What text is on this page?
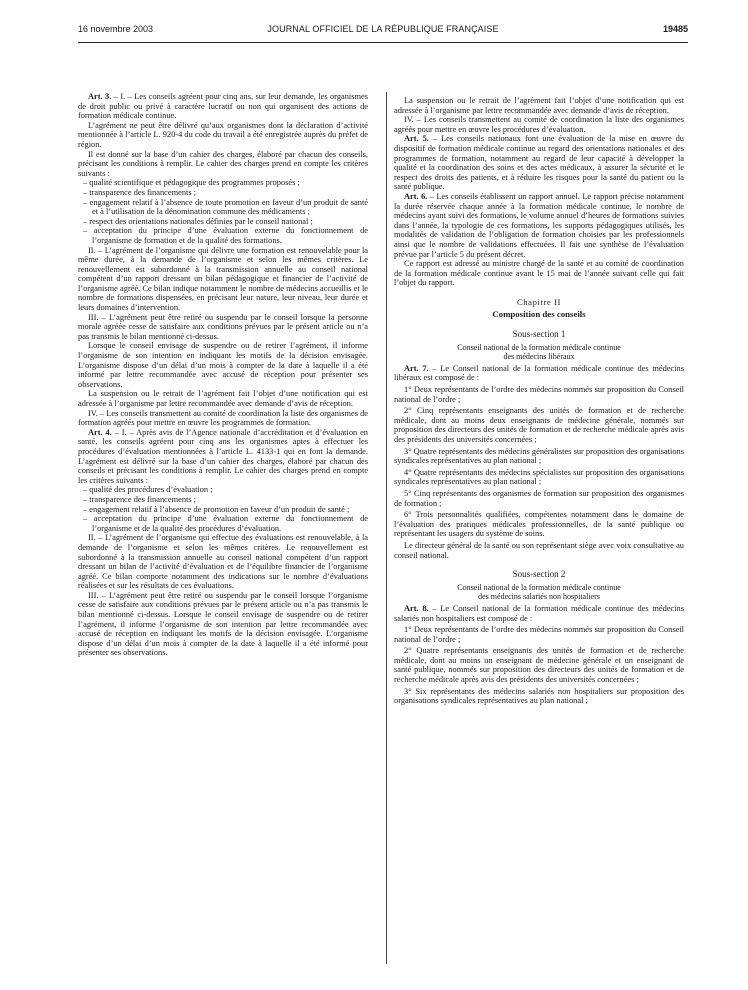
16 novembre 2003	JOURNAL OFFICIEL DE LA RÉPUBLIQUE FRANÇAISE	19485

Art. 3. – I. – Les conseils agréent pour cinq ans, sur leur demande, les organismes de droit public ou privé à caractère lucratif ou non qui organisent des actions de formation médicale continue.

L’agrément ne peut être délivré qu’aux organismes dont la déclaration d’activité mentionnée à l’article L. 920-4 du code du travail a été enregistrée auprès du préfet de région.

Il est donné sur la base d’un cahier des charges, élaboré par chacun des conseils, précisant les conditions à remplir. Le cahier des charges prend en compte les critères suivants :

– qualité scientifique et pédagogique des programmes proposés ;
– transparence des financements ;
– engagement relatif à l’absence de toute promotion en faveur d’un produit de santé et à l’utilisation de la dénomination commune des médicaments ;
– respect des orientations nationales définies par le conseil national ;
– acceptation du principe d’une évaluation externe du fonctionnement de l’organisme de formation et de la qualité des formations.

II. – L’agrément de l’organisme qui délivre une formation est renouvelable pour la même durée, à la demande de l’organisme et selon les mêmes critères. Le renouvellement est subordonné à la transmission annuelle au conseil national compétent d’un rapport dressant un bilan pédagogique et financier de l’activité de l’organisme agréé. Ce bilan indique notamment le nombre de médecins accueillis et le nombre de formations dispensées, en précisant leur nature, leur niveau, leur durée et leurs domaines d’intervention.

III. – L’agrément peut être retiré ou suspendu par le conseil lorsque la personne morale agréée cesse de satisfaire aux conditions prévues par le présent article ou n’a pas transmis le bilan mentionné ci-dessus.

Lorsque le conseil envisage de suspendre ou de retirer l’agrément, il informe l’organisme de son intention en indiquant les motifs de la décision envisagée. L’organisme dispose d’un délai d’un mois à compter de la date à laquelle il a été informé par lettre recommandée avec accusé de réception pour présenter ses observations.

La suspension ou le retrait de l’agrément fait l’objet d’une notification qui est adressée à l’organisme par lettre recommandée avec demande d’avis de réception.

IV. – Les conseils transmettent au comité de coordination la liste des organismes de formation agréés pour mettre en œuvre les programmes de formation.

Art. 4. – I. – Après avis de l’Agence nationale d’accréditation et d’évaluation en santé, les conseils agréent pour cinq ans les organismes aptes à effectuer les procédures d’évaluation mentionnées à l’article L. 4133-1 qui en font la demande. L’agrément est délivré sur la base d’un cahier des charges, élaboré par chacun des conseils et précisant les conditions à remplir. Le cahier des charges prend en compte les critères suivants :

– qualité des procédures d’évaluation ;
– transparence des financements ;
– engagement relatif à l’absence de promotion en faveur d’un produit de santé ;
– acceptation du principe d’une évaluation externe du fonctionnement de l’organisme et de la qualité des procédures d’évaluation.

II. – L’agrément de l’organisme qui effectue des évaluations est renouvelable, à la demande de l’organisme et selon les mêmes critères. Le renouvellement est subordonné à la transmission annuelle au conseil national compétent d’un rapport dressant un bilan de l’activité d’évaluation et de l’équilibre financier de l’organisme agréé. Ce bilan comporte notamment des indications sur le nombre d’évaluations réalisées et sur les résultats de ces évaluations.

III. – L’agrément peut être retiré ou suspendu par le conseil lorsque l’organisme cesse de satisfaire aux conditions prévues par le présent article ou n’a pas transmis le bilan mentionné ci-dessus. Lorsque le conseil envisage de suspendre ou de retirer l’agrément, il informe l’organisme de son intention par lettre recommandée avec accusé de réception en indiquant les motifs de la décision envisagée. L’organisme dispose d’un délai d’un mois à compter de la date à laquelle il a été informé pour présenter ses observations.

La suspension ou le retrait de l’agrément fait l’objet d’une notification qui est adressée à l’organisme par lettre recommandée avec demande d’avis de réception.

IV. – Les conseils transmettent au comité de coordination la liste des organismes agréés pour mettre en œuvre les procédures d’évaluation.

Art. 5. – Les conseils nationaux font une évaluation de la mise en œuvre du dispositif de formation médicale continue au regard des orientations nationales et des programmes de formation, notamment au regard de leur capacité à développer la qualité et la coordination des soins et des actes médicaux, à assurer la sécurité et le respect des droits des patients, et à réduire les risques pour la santé du patient ou la santé publique.

Art. 6. – Les conseils établissent un rapport annuel. Le rapport précise notamment la durée réservée chaque année à la formation médicale continue, le nombre de médecins ayant suivi des formations, le volume annuel d’heures de formations suivies dans l’année, la typologie de ces formations, les supports pédagogiques utilisés, les modalités de validation de l’obligation de formation choisies par les professionnels ainsi que le nombre de validations effectuées. Il fait une synthèse de l’évaluation prévue par l’article 5 du présent décret.

Ce rapport est adressé au ministre chargé de la santé et au comité de coordination de la formation médicale continue avant le 15 mai de l’année suivant celle qui fait l’objet du rapport.

Chapitre II
Composition des conseils
Sous-section 1
Conseil national de la formation médicale continue
des médecins libéraux

Art. 7. – Le Conseil national de la formation médicale continue des médecins libéraux est composé de :

1° Deux représentants de l’ordre des médecins nommés sur proposition du Conseil national de l’ordre ;

2° Cinq représentants enseignants des unités de formation et de recherche médicale, dont au moins deux enseignants de médecine générale, nommés sur proposition des directeurs des unités de formation et de recherche médicale après avis des présidents des universités concernées ;

3° Quatre représentants des médecins généralistes sur proposition des organisations syndicales représentatives au plan national ;

4° Quatre représentants des médecins spécialistes sur proposition des organisations syndicales représentatives au plan national ;

5° Cinq représentants des organismes de formation sur proposition des organismes de formation ;

6° Trois personnalités qualifiées, compétentes notamment dans le domaine de l’évaluation des pratiques médicales professionnelles, de la santé publique ou représentant les usagers du système de soins.

Le directeur général de la santé ou son représentant siège avec voix consultative au conseil national.

Sous-section 2
Conseil national de la formation médicale continue
des médecins salariés non hospitaliers

Art. 8. – Le Conseil national de la formation médicale continue des médecins salariés non hospitaliers est composé de :

1° Deux représentants de l’ordre des médecins nommés sur proposition du Conseil national de l’ordre ;

2° Quatre représentants enseignants des unités de formation et de recherche médicale, dont au moins un enseignant de médecine générale et un enseignant de santé publique, nommés sur proposition des directeurs des unités de formation et de recherche médicale après avis des présidents des universités concernées ;

3° Six représentants des médecins salariés non hospitaliers sur proposition des organisations syndicales représentatives au plan national ;
